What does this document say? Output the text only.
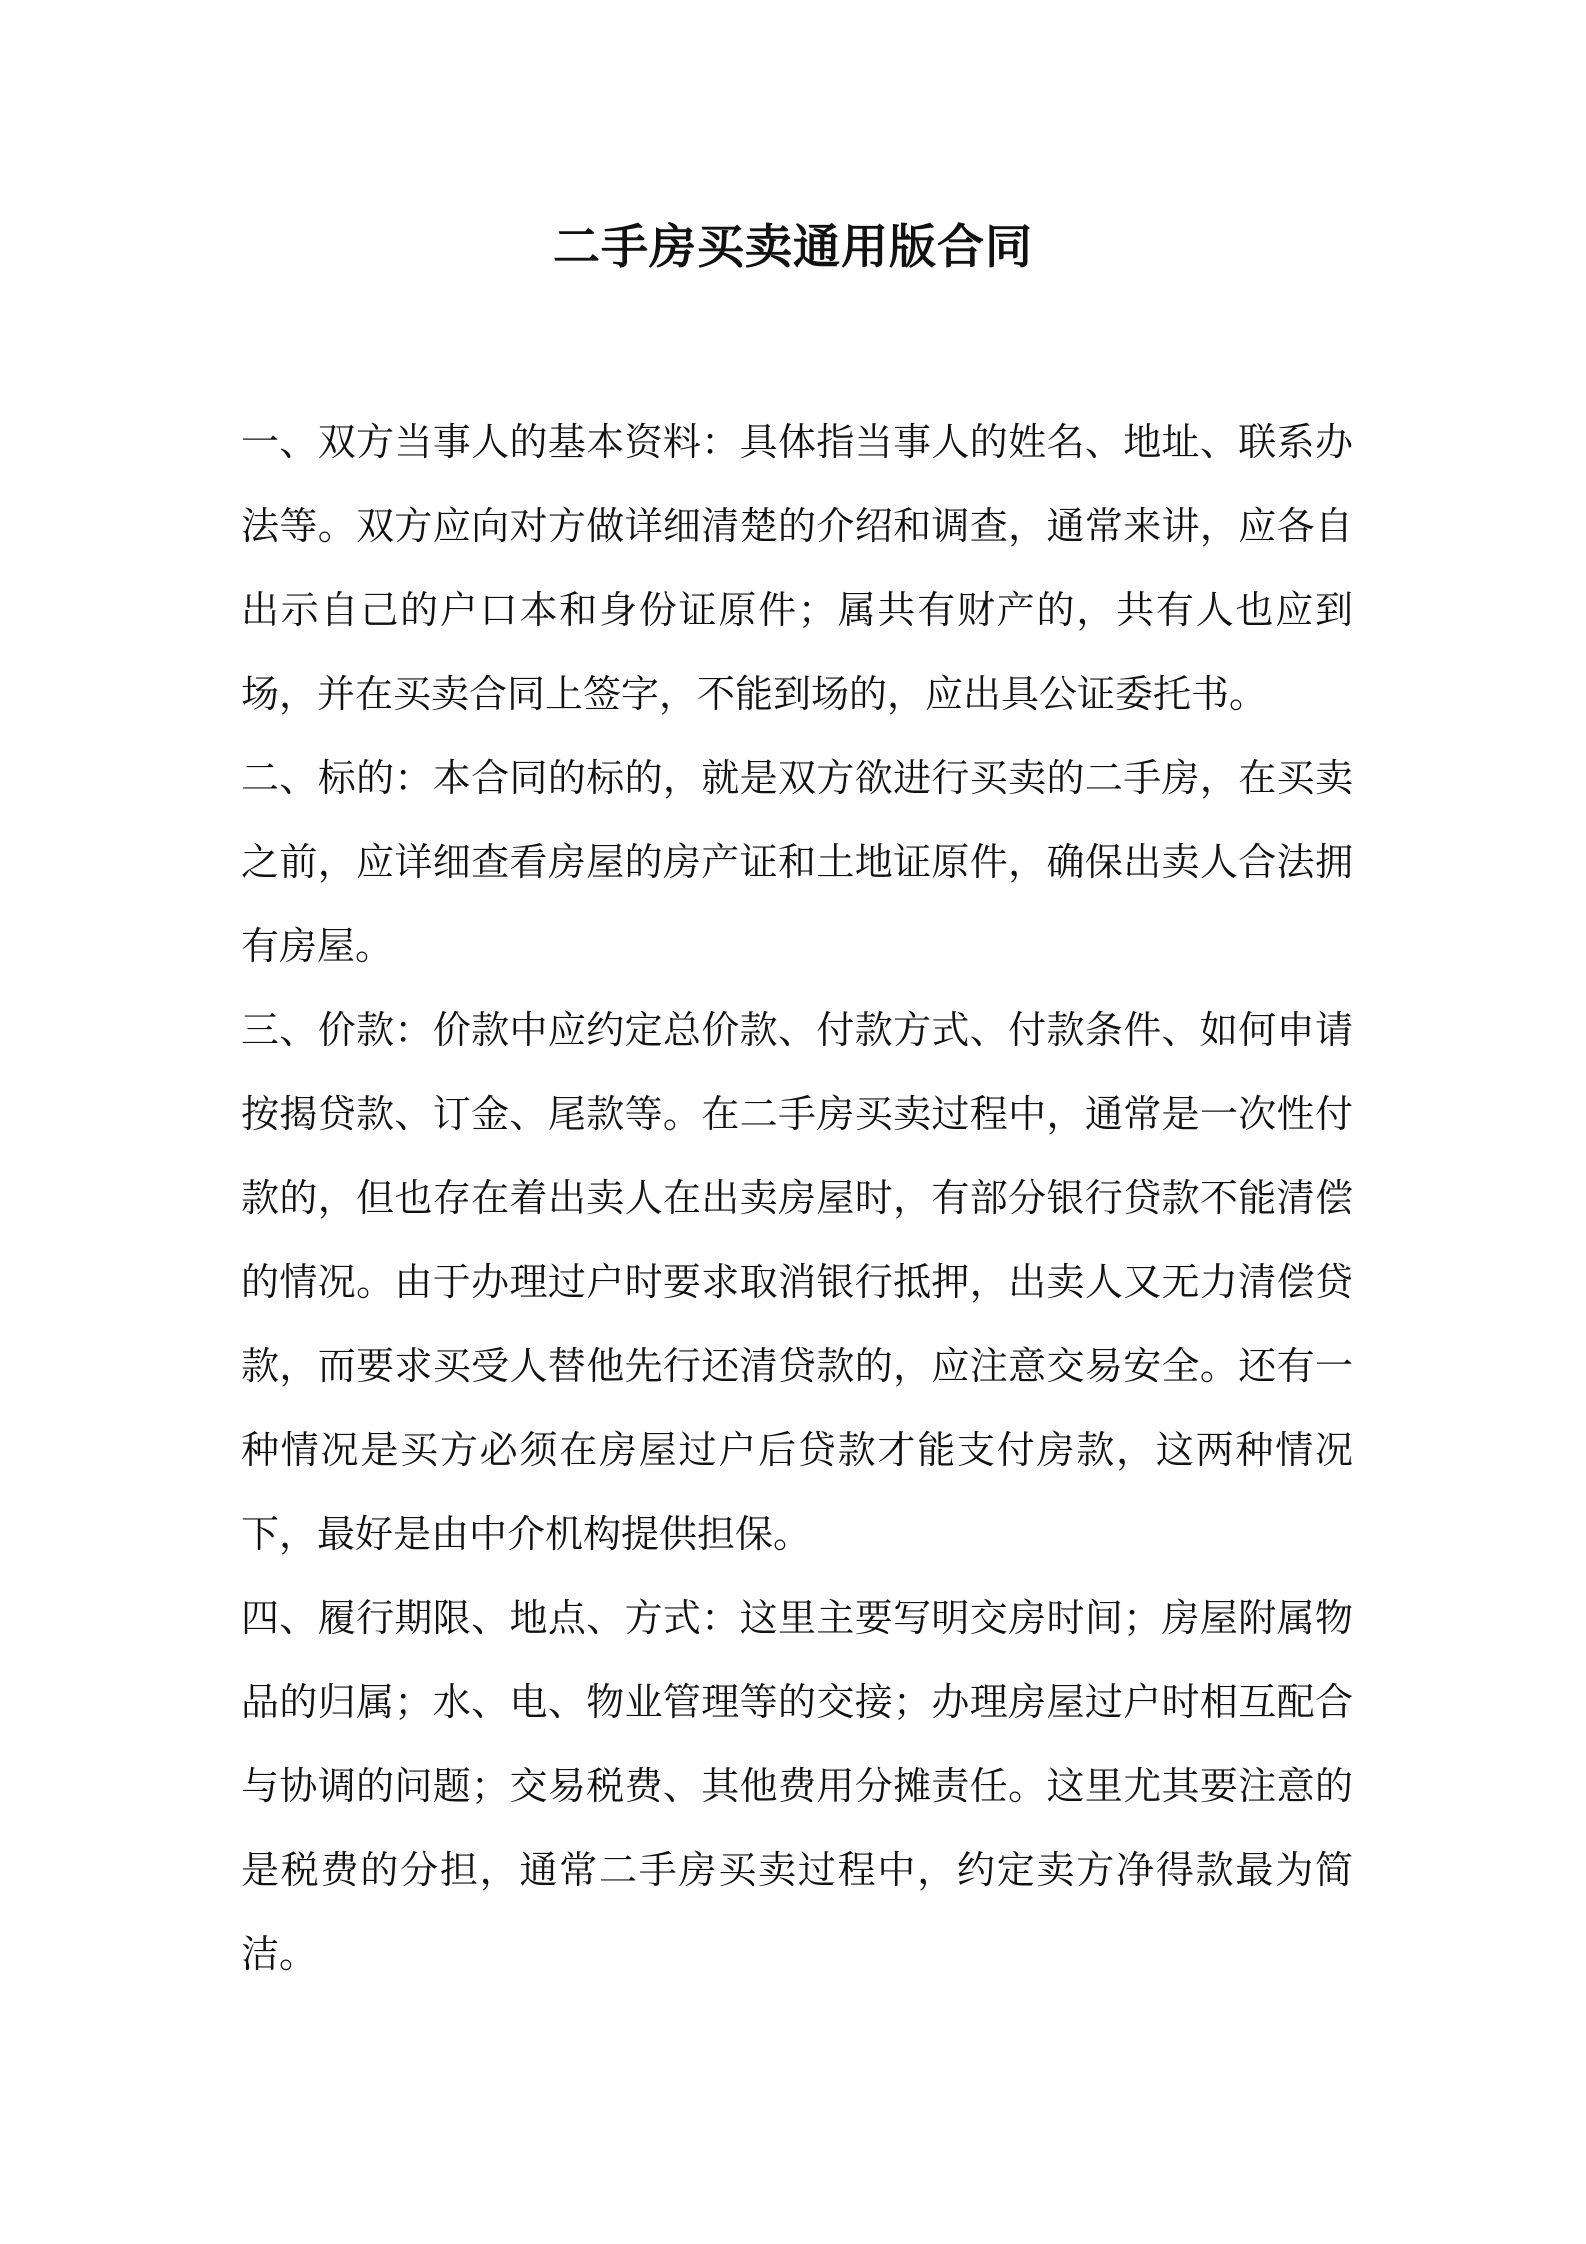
二手房买卖通用版合同

一、双方当事人的基本资料：具体指当事人的姓名、地址、联系办法等。双方应向对方做详细清楚的介绍和调查，通常来讲，应各自出示自己的户口本和身份证原件；属共有财产的，共有人也应到场，并在买卖合同上签字，不能到场的，应出具公证委托书。

二、标的：本合同的标的，就是双方欲进行买卖的二手房，在买卖之前，应详细查看房屋的房产证和土地证原件，确保出卖人合法拥有房屋。

三、价款：价款中应约定总价款、付款方式、付款条件、如何申请按揭贷款、订金、尾款等。在二手房买卖过程中，通常是一次性付款的，但也存在着出卖人在出卖房屋时，有部分银行贷款不能清偿的情况。由于办理过户时要求取消银行抵押，出卖人又无力清偿贷款，而要求买受人替他先行还清贷款的，应注意交易安全。还有一种情况是买方必须在房屋过户后贷款才能支付房款，这两种情况下，最好是由中介机构提供担保。

四、履行期限、地点、方式：这里主要写明交房时间；房屋附属物品的归属；水、电、物业管理等的交接；办理房屋过户时相互配合与协调的问题；交易税费、其他费用分摊责任。这里尤其要注意的是税费的分担，通常二手房买卖过程中，约定卖方净得款最为简洁。
